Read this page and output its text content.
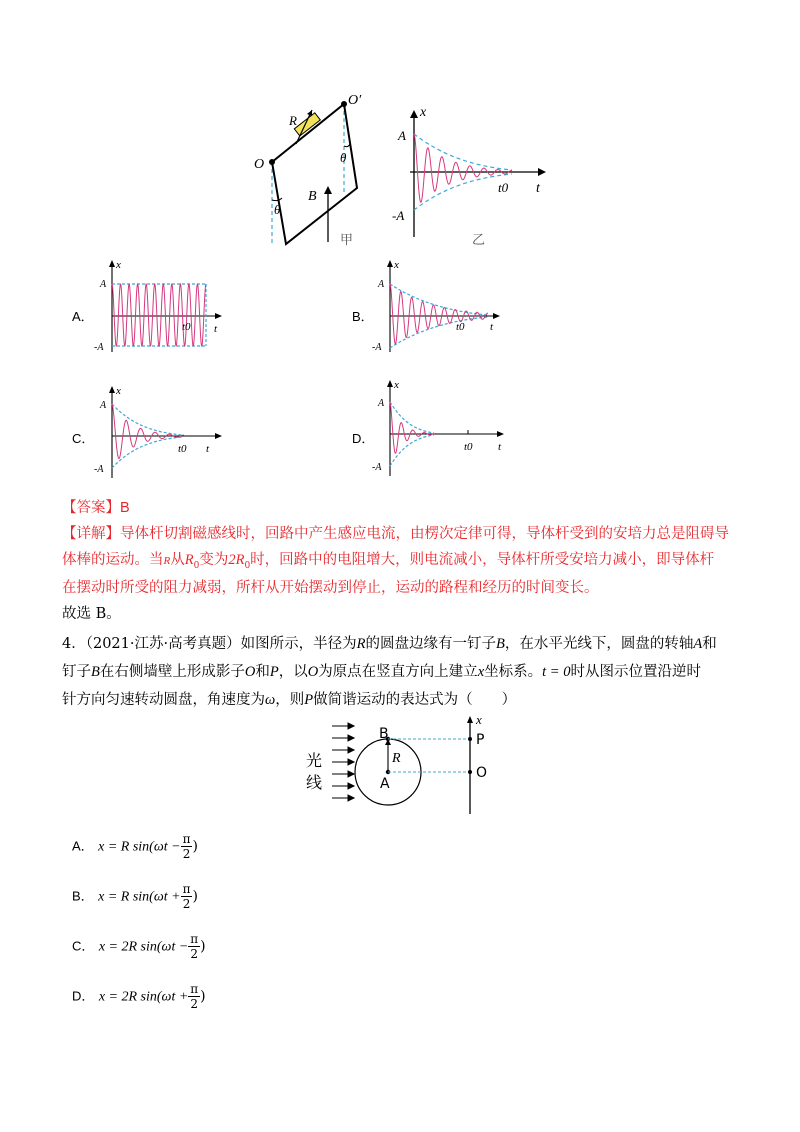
O
O′
R
B
θ
θ
甲
x
t
A
-A
t0
乙
A．
x
t
A
-A
t0
B．
x
t
A
-A
t0
C．
x
t
A
-A
t0
D．
x
t
A
-A
t0
【答案】B
【详解】导体杆切割磁感线时，回路中产生感应电流，由楞次定律可得，导体杆受到的安培力总是阻碍导
体棒的运动。当R从$R_0$变为$2R_0$时，回路中的电阻增大，则电流减小，导体杆所受安培力减小，即导体杆
在摆动时所受的阻力减弱，所杆从开始摆动到停止，运动的路程和经历的时间变长。
故选 B。
4．（2021·江苏·高考真题）如图所示，半径为R的圆盘边缘有一钉子B，在水平光线下，圆盘的转轴A和
钉子B在右侧墙壁上形成影子O和P，以O为原点在竖直方向上建立x坐标系。t = 0时从图示位置沿逆时
针方向匀速转动圆盘，角速度为ω，则P做简谐运动的表达式为（　　）
光
线
B
R
A
x
P
O
A． x = R $\sin(\omega t - \frac{\pi}{2}$ )
B． x = R $\sin(\omega t + \frac{\pi}{2}$ )
C． x = 2R $\sin(\omega t - \frac{\pi}{2}$ )
D． x = 2R $\sin(\omega t + \frac{\pi}{2}$ )
